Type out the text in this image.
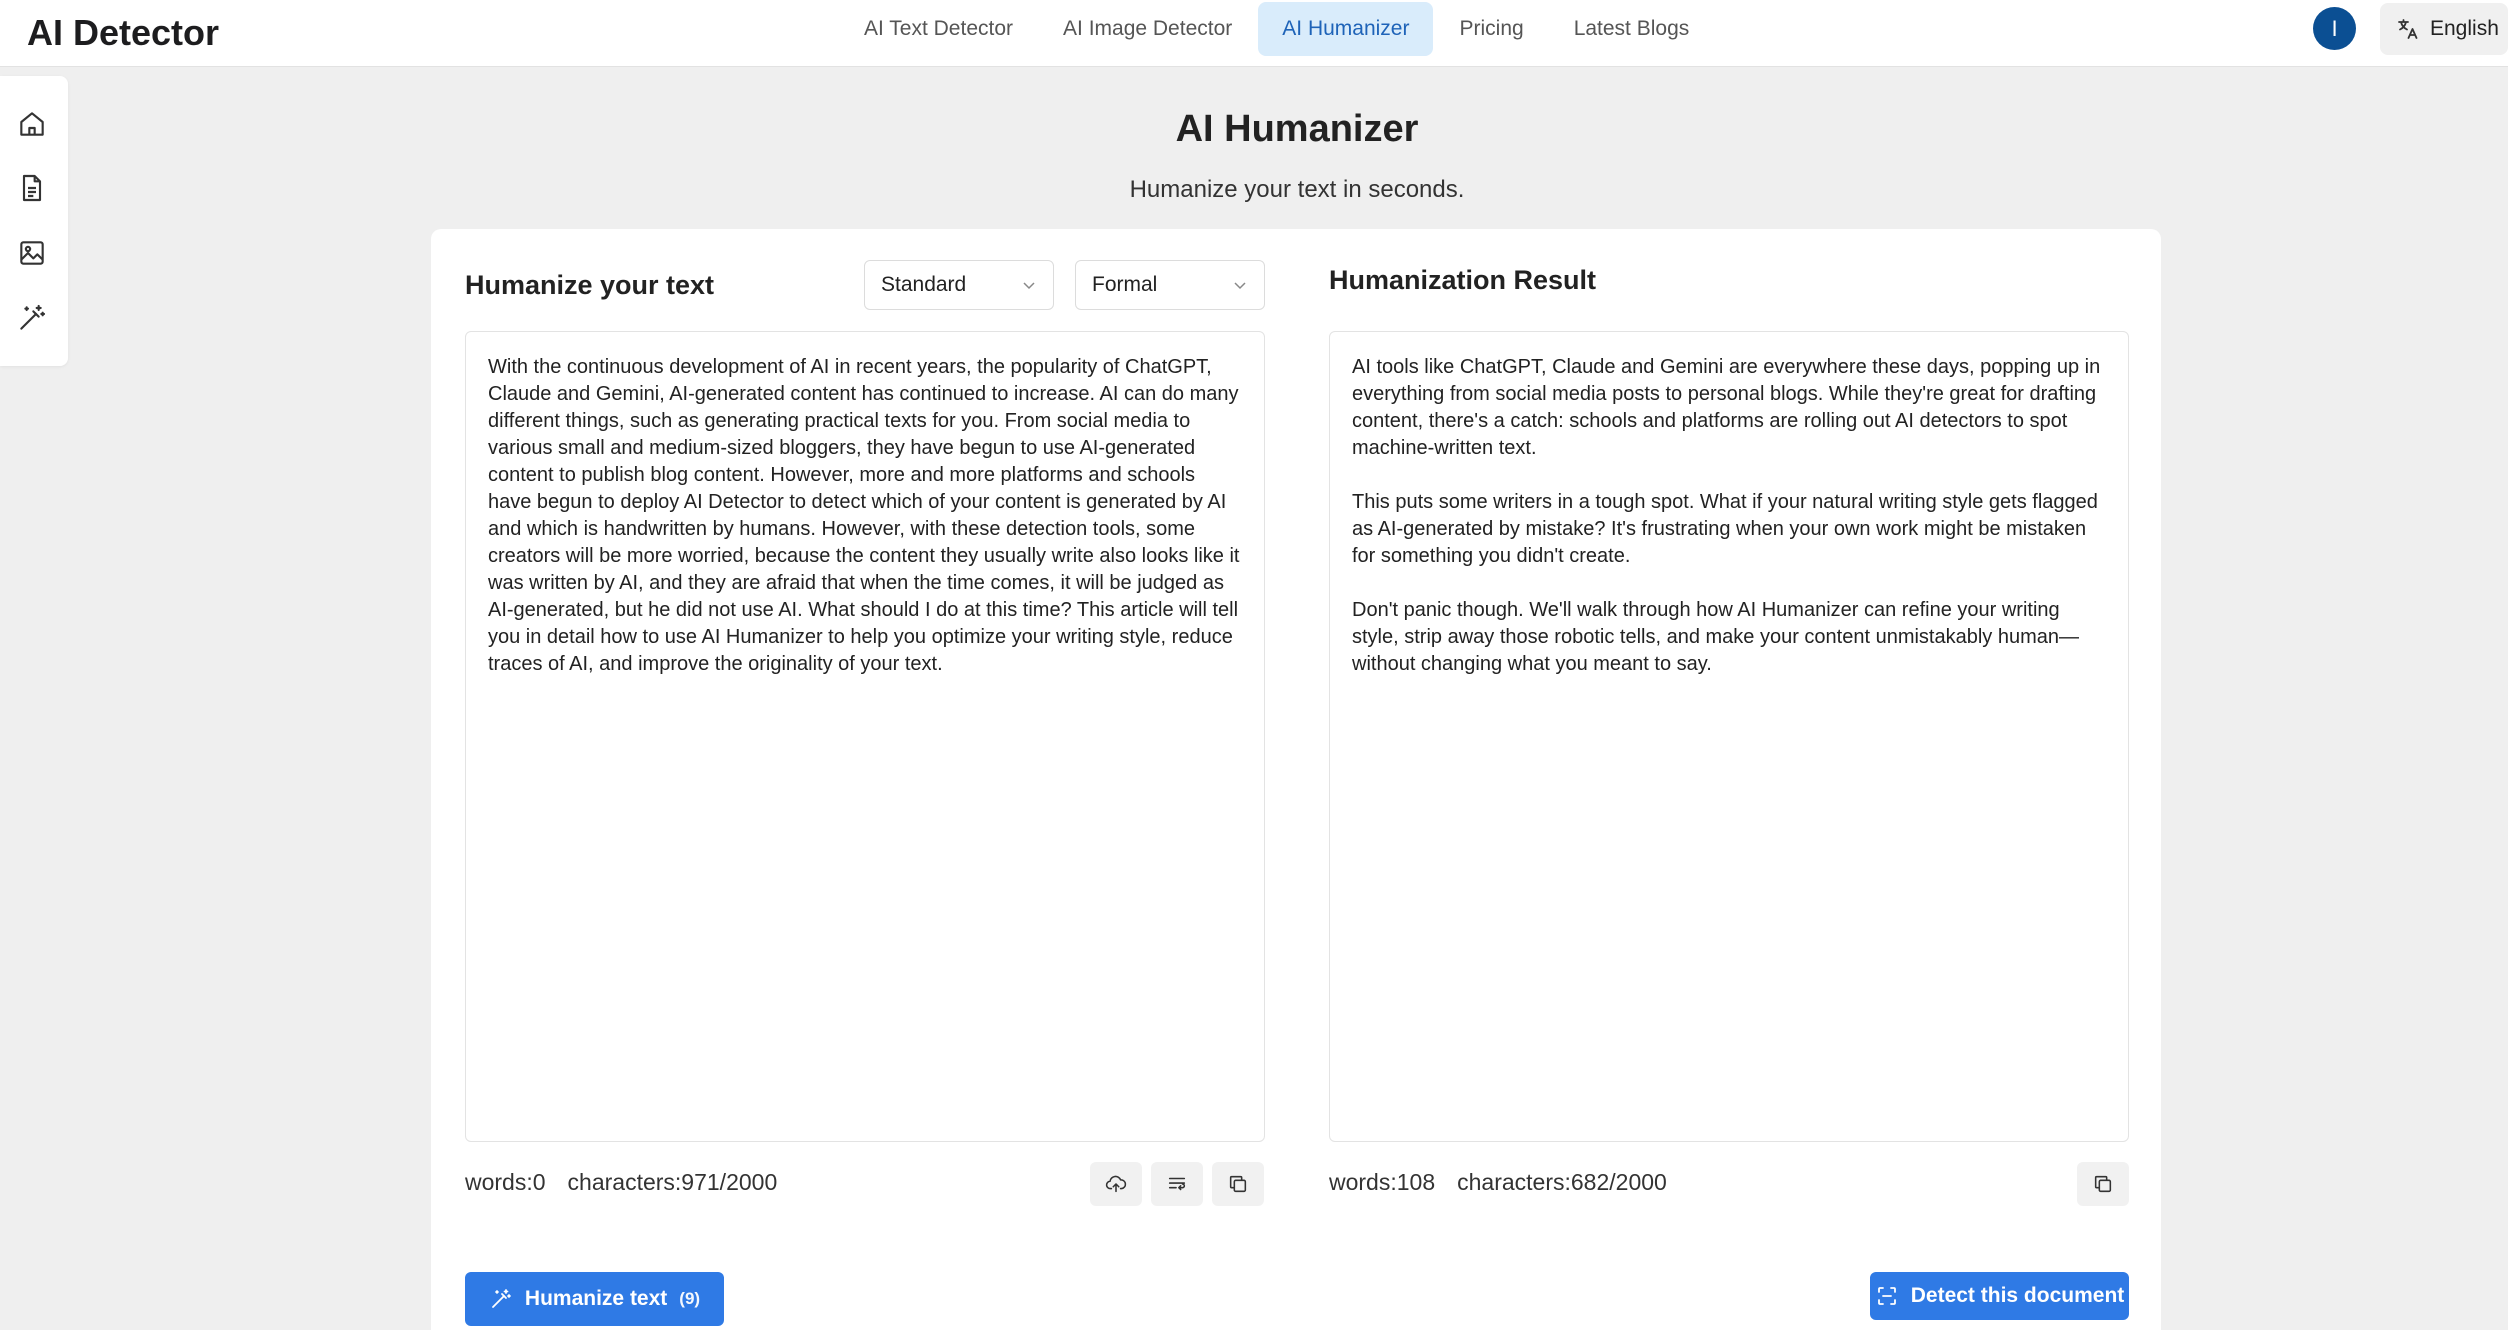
AI Detector	AI Text Detector	AI Image Detector	AI Humanizer	Pricing	Latest Blogs	I	English
AI Humanizer
Humanize your text in seconds.
Humanize your text	Standard	Formal
With the continuous development of AI in recent years, the popularity of ChatGPT, Claude and Gemini, AI-generated content has continued to increase. AI can do many different things, such as generating practical texts for you. From social media to various small and medium-sized bloggers, they have begun to use AI-generated content to publish blog content. However, more and more platforms and schools have begun to deploy AI Detector to detect which of your content is generated by AI and which is handwritten by humans. However, with these detection tools, some creators will be more worried, because the content they usually write also looks like it was written by AI, and they are afraid that when the time comes, it will be judged as AI-generated, but he did not use AI. What should I do at this time? This article will tell you in detail how to use AI Humanizer to help you optimize your writing style, reduce traces of AI, and improve the originality of your text.
words:0 characters:971/2000
Humanize text (9)
Humanization Result

AI tools like ChatGPT, Claude and Gemini are everywhere these days, popping up in everything from social media posts to personal blogs. While they're great for drafting content, there's a catch: schools and platforms are rolling out AI detectors to spot machine-written text.

This puts some writers in a tough spot. What if your natural writing style gets flagged as AI-generated by mistake? It's frustrating when your own work might be mistaken for something you didn't create.

Don't panic though. We'll walk through how AI Humanizer can refine your writing style, strip away those robotic tells, and make your content unmistakably human—without changing what you meant to say.

words:108 characters:682/2000
Detect this document
